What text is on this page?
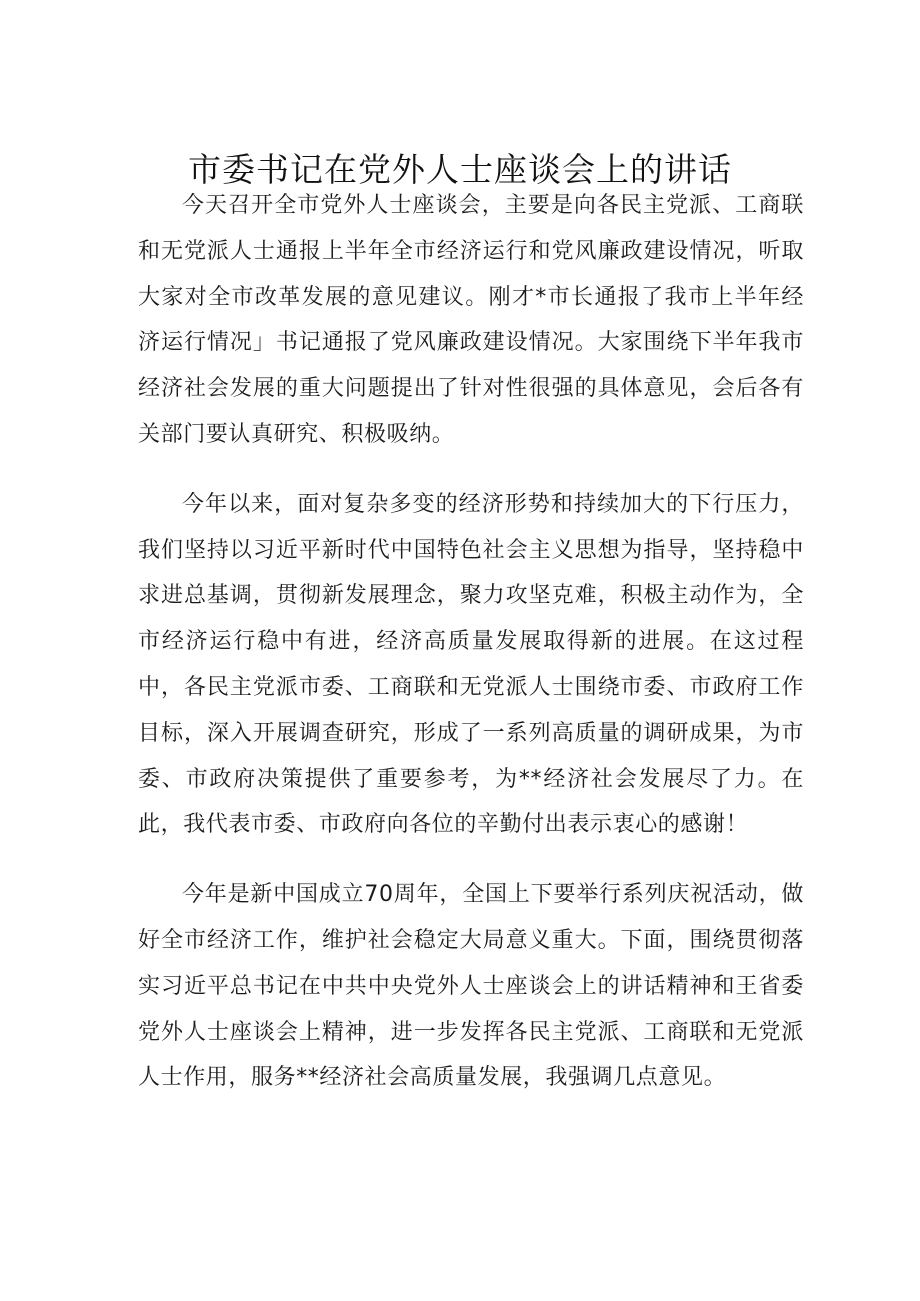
市委书记在党外人士座谈会上的讲话

今天召开全市党外人士座谈会，主要是向各民主党派、工商联和无党派人士通报上半年全市经济运行和党风廉政建设情况，听取大家对全市改革发展的意见建议。刚才*市长通报了我市上半年经济运行情况」书记通报了党风廉政建设情况。大家围绕下半年我市经济社会发展的重大问题提出了针对性很强的具体意见，会后各有关部门要认真研究、积极吸纳。

今年以来，面对复杂多变的经济形势和持续加大的下行压力，我们坚持以习近平新时代中国特色社会主义思想为指导，坚持稳中求进总基调，贯彻新发展理念，聚力攻坚克难，积极主动作为，全市经济运行稳中有进，经济高质量发展取得新的进展。在这过程中，各民主党派市委、工商联和无党派人士围绕市委、市政府工作目标，深入开展调查研究，形成了一系列高质量的调研成果，为市委、市政府决策提供了重要参考，为**经济社会发展尽了力。在此，我代表市委、市政府向各位的辛勤付出表示衷心的感谢！

今年是新中国成立70周年，全国上下要举行系列庆祝活动，做好全市经济工作，维护社会稳定大局意义重大。下面，围绕贯彻落实习近平总书记在中共中央党外人士座谈会上的讲话精神和王省委党外人士座谈会上精神，进一步发挥各民主党派、工商联和无党派人士作用，服务**经济社会高质量发展，我强调几点意见。
